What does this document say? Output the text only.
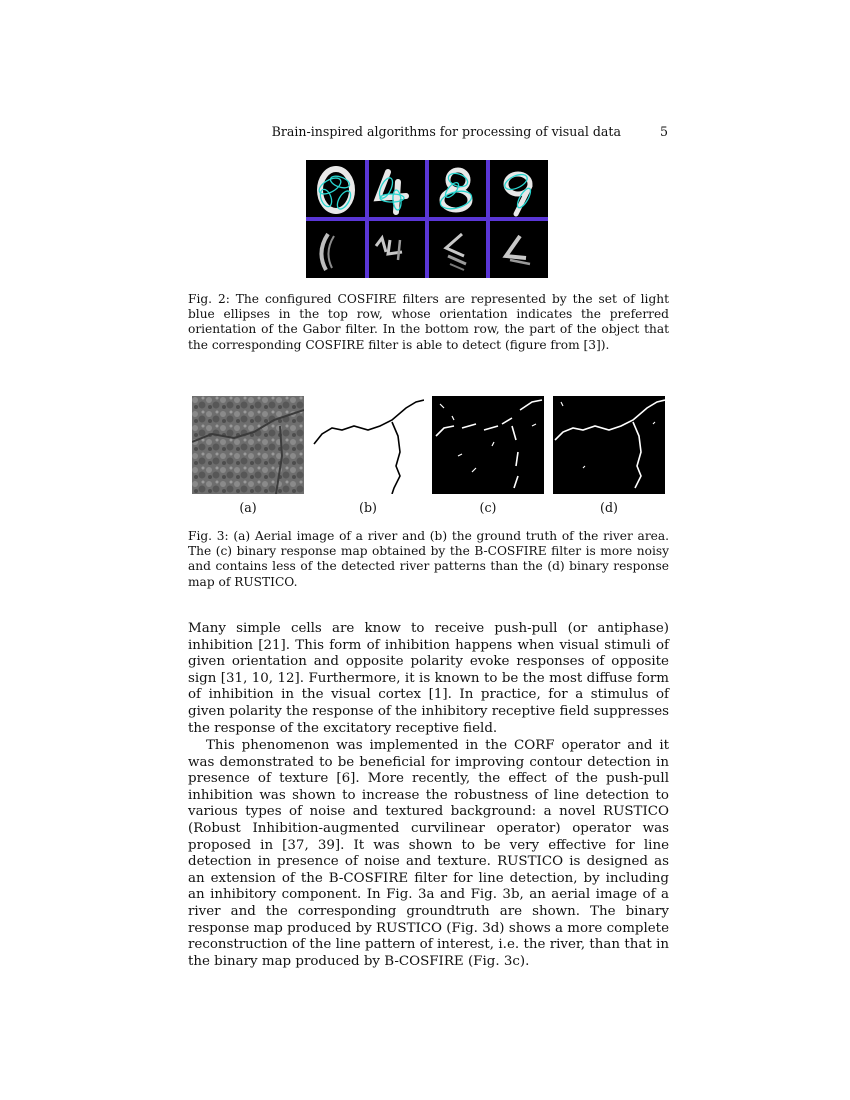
Brain-inspired algorithms for processing of visual data	5
Fig. 2: The configured COSFIRE filters are represented by the set of light blue ellipses in the top row, whose orientation indicates the preferred orientation of the Gabor filter. In the bottom row, the part of the object that the corresponding COSFIRE filter is able to detect (figure from [3]).
(a)	(b)	(c)	(d)
Fig. 3: (a) Aerial image of a river and (b) the ground truth of the river area. The (c) binary response map obtained by the B-COSFIRE filter is more noisy and contains less of the detected river patterns than the (d) binary response map of RUSTICO.

Many simple cells are know to receive push-pull (or antiphase) inhibition [21]. This form of inhibition happens when visual stimuli of given orientation and opposite polarity evoke responses of opposite sign [31, 10, 12]. Furthermore, it is known to be the most diffuse form of inhibition in the visual cortex [1]. In practice, for a stimulus of given polarity the response of the inhibitory receptive field suppresses the response of the excitatory receptive field.

This phenomenon was implemented in the CORF operator and it was demonstrated to be beneficial for improving contour detection in presence of texture [6]. More recently, the effect of the push-pull inhibition was shown to increase the robustness of line detection to various types of noise and textured background: a novel RUSTICO (Robust Inhibition-augmented curvilinear operator) operator was proposed in [37, 39]. It was shown to be very effective for line detection in presence of noise and texture. RUSTICO is designed as an extension of the B-COSFIRE filter for line detection, by including an inhibitory component. In Fig. 3a and Fig. 3b, an aerial image of a river and the corresponding groundtruth are shown. The binary response map produced by RUSTICO (Fig. 3d) shows a more complete reconstruction of the line pattern of interest, i.e. the river, than that in the binary map produced by B-COSFIRE (Fig. 3c).
